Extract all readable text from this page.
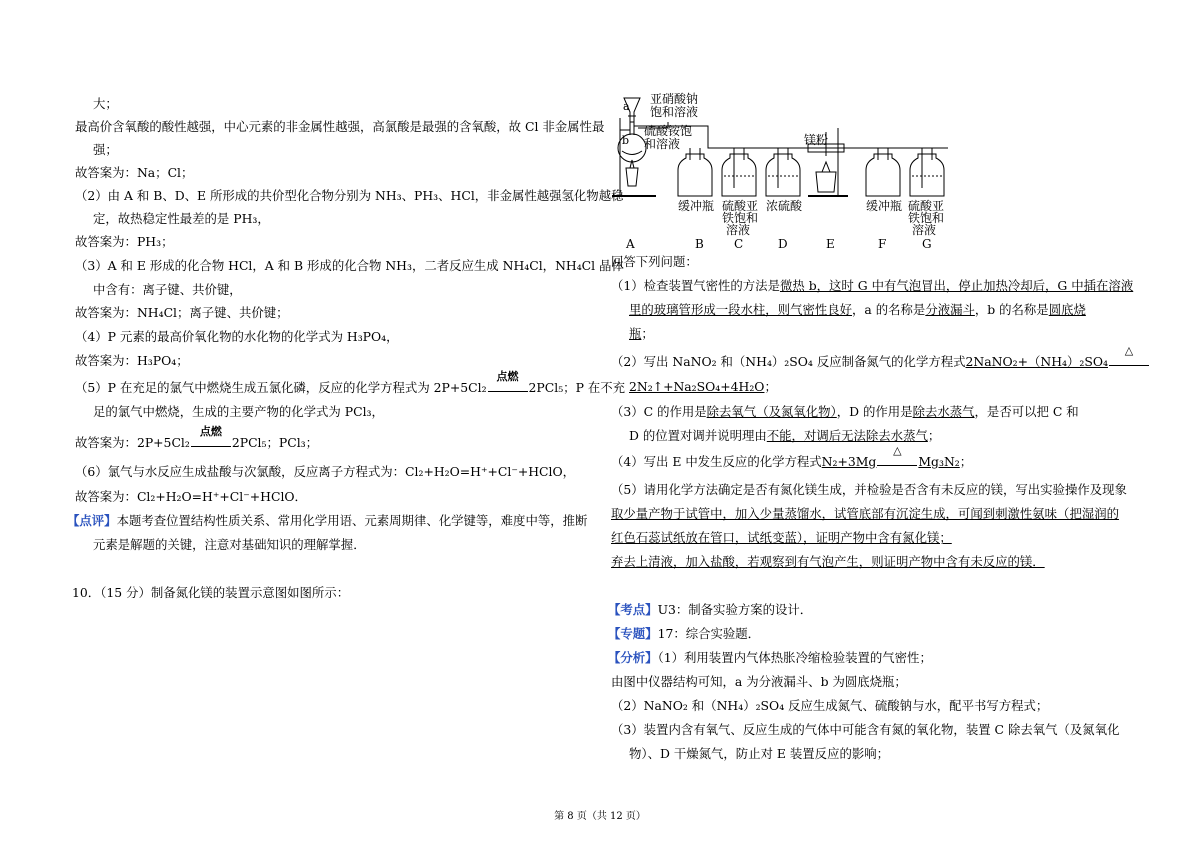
大；
最高价含氧酸的酸性越强，中心元素的非金属性越强，高氯酸是最强的含氧酸，故 Cl 非金属性最
强；
故答案为：Na；Cl；
（2）由 A 和 B、D、E 所形成的共价型化合物分别为 NH₃、PH₃、HCl，非金属性越强氢化物越稳
定，故热稳定性最差的是 PH₃，
故答案为：PH₃；
（3）A 和 E 形成的化合物 HCl，A 和 B 形成的化合物 NH₃，二者反应生成 NH₄Cl，NH₄Cl 晶体
中含有：离子键、共价键，
故答案为：NH₄Cl；离子键、共价键；
（4）P 元素的最高价氧化物的水化物的化学式为 H₃PO₄，
故答案为：H₃PO₄；
（5）P 在充足的氯气中燃烧生成五氯化磷，反应的化学方程式为 2P+5Cl₂
点燃
2PCl₅；P 在不充
足的氯气中燃烧，生成的主要产物的化学式为 PCl₃，
故答案为：2P+5Cl₂
点燃
2PCl₅；PCl₃；
（6）氯气与水反应生成盐酸与次氯酸，反应离子方程式为：Cl₂+H₂O=H⁺+Cl⁻+HClO，
故答案为：Cl₂+H₂O=H⁺+Cl⁻+HClO．
【点评】本题考查位置结构性质关系、常用化学用语、元素周期律、化学键等，难度中等，推断
元素是解题的关键，注意对基础知识的理解掌握．
10．（15 分）制备氮化镁的装置示意图如图所示：
a
b
亚硝酸钠
饱和溶液
硫酸铵饱
和溶液	镁粉
缓冲瓶 硫酸亚
铁饱和
溶液
浓硫酸	缓冲瓶 硫酸亚
铁饱和
溶液
A	B	C	D	E	F	G
回答下列问题：
（1）检查装置气密性的方法是微热 b，这时 G 中有气泡冒出，停止加热冷却后，G 中插在溶液
里的玻璃管形成一段水柱，则气密性良好，a 的名称是分液漏斗，b 的名称是圆底烧
瓶；
（2）写出 NaNO₂ 和（NH₄）₂SO₄ 反应制备氮气的化学方程式2NaNO₂+（NH₄）₂SO₄
△
2N₂↑+Na₂SO₄+4H₂O；
（3）C 的作用是除去氧气（及氮氧化物），D 的作用是除去水蒸气，是否可以把 C 和
D 的位置对调并说明理由不能，对调后无法除去水蒸气；
（4）写出 E 中发生反应的化学方程式N₂+3Mg
△
Mg₃N₂；
（5）请用化学方法确定是否有氮化镁生成，并检验是否含有未反应的镁，写出实验操作及现象
取少量产物于试管中，加入少量蒸馏水，试管底部有沉淀生成，可闻到刺激性氨味（把湿润的
红色石蕊试纸放在管口，试纸变蓝），证明产物中含有氮化镁；
弃去上清液，加入盐酸，若观察到有气泡产生，则证明产物中含有未反应的镁．
【考点】U3：制备实验方案的设计．
【专题】17：综合实验题．
【分析】（1）利用装置内气体热胀冷缩检验装置的气密性；
由图中仪器结构可知，a 为分液漏斗、b 为圆底烧瓶；
（2）NaNO₂ 和（NH₄）₂SO₄ 反应生成氮气、硫酸钠与水，配平书写方程式；
（3）装置内含有氧气、反应生成的气体中可能含有氮的氧化物，装置 C 除去氧气（及氮氧化
物）、D 干燥氮气，防止对 E 装置反应的影响；
第 8 页（共 12 页）
